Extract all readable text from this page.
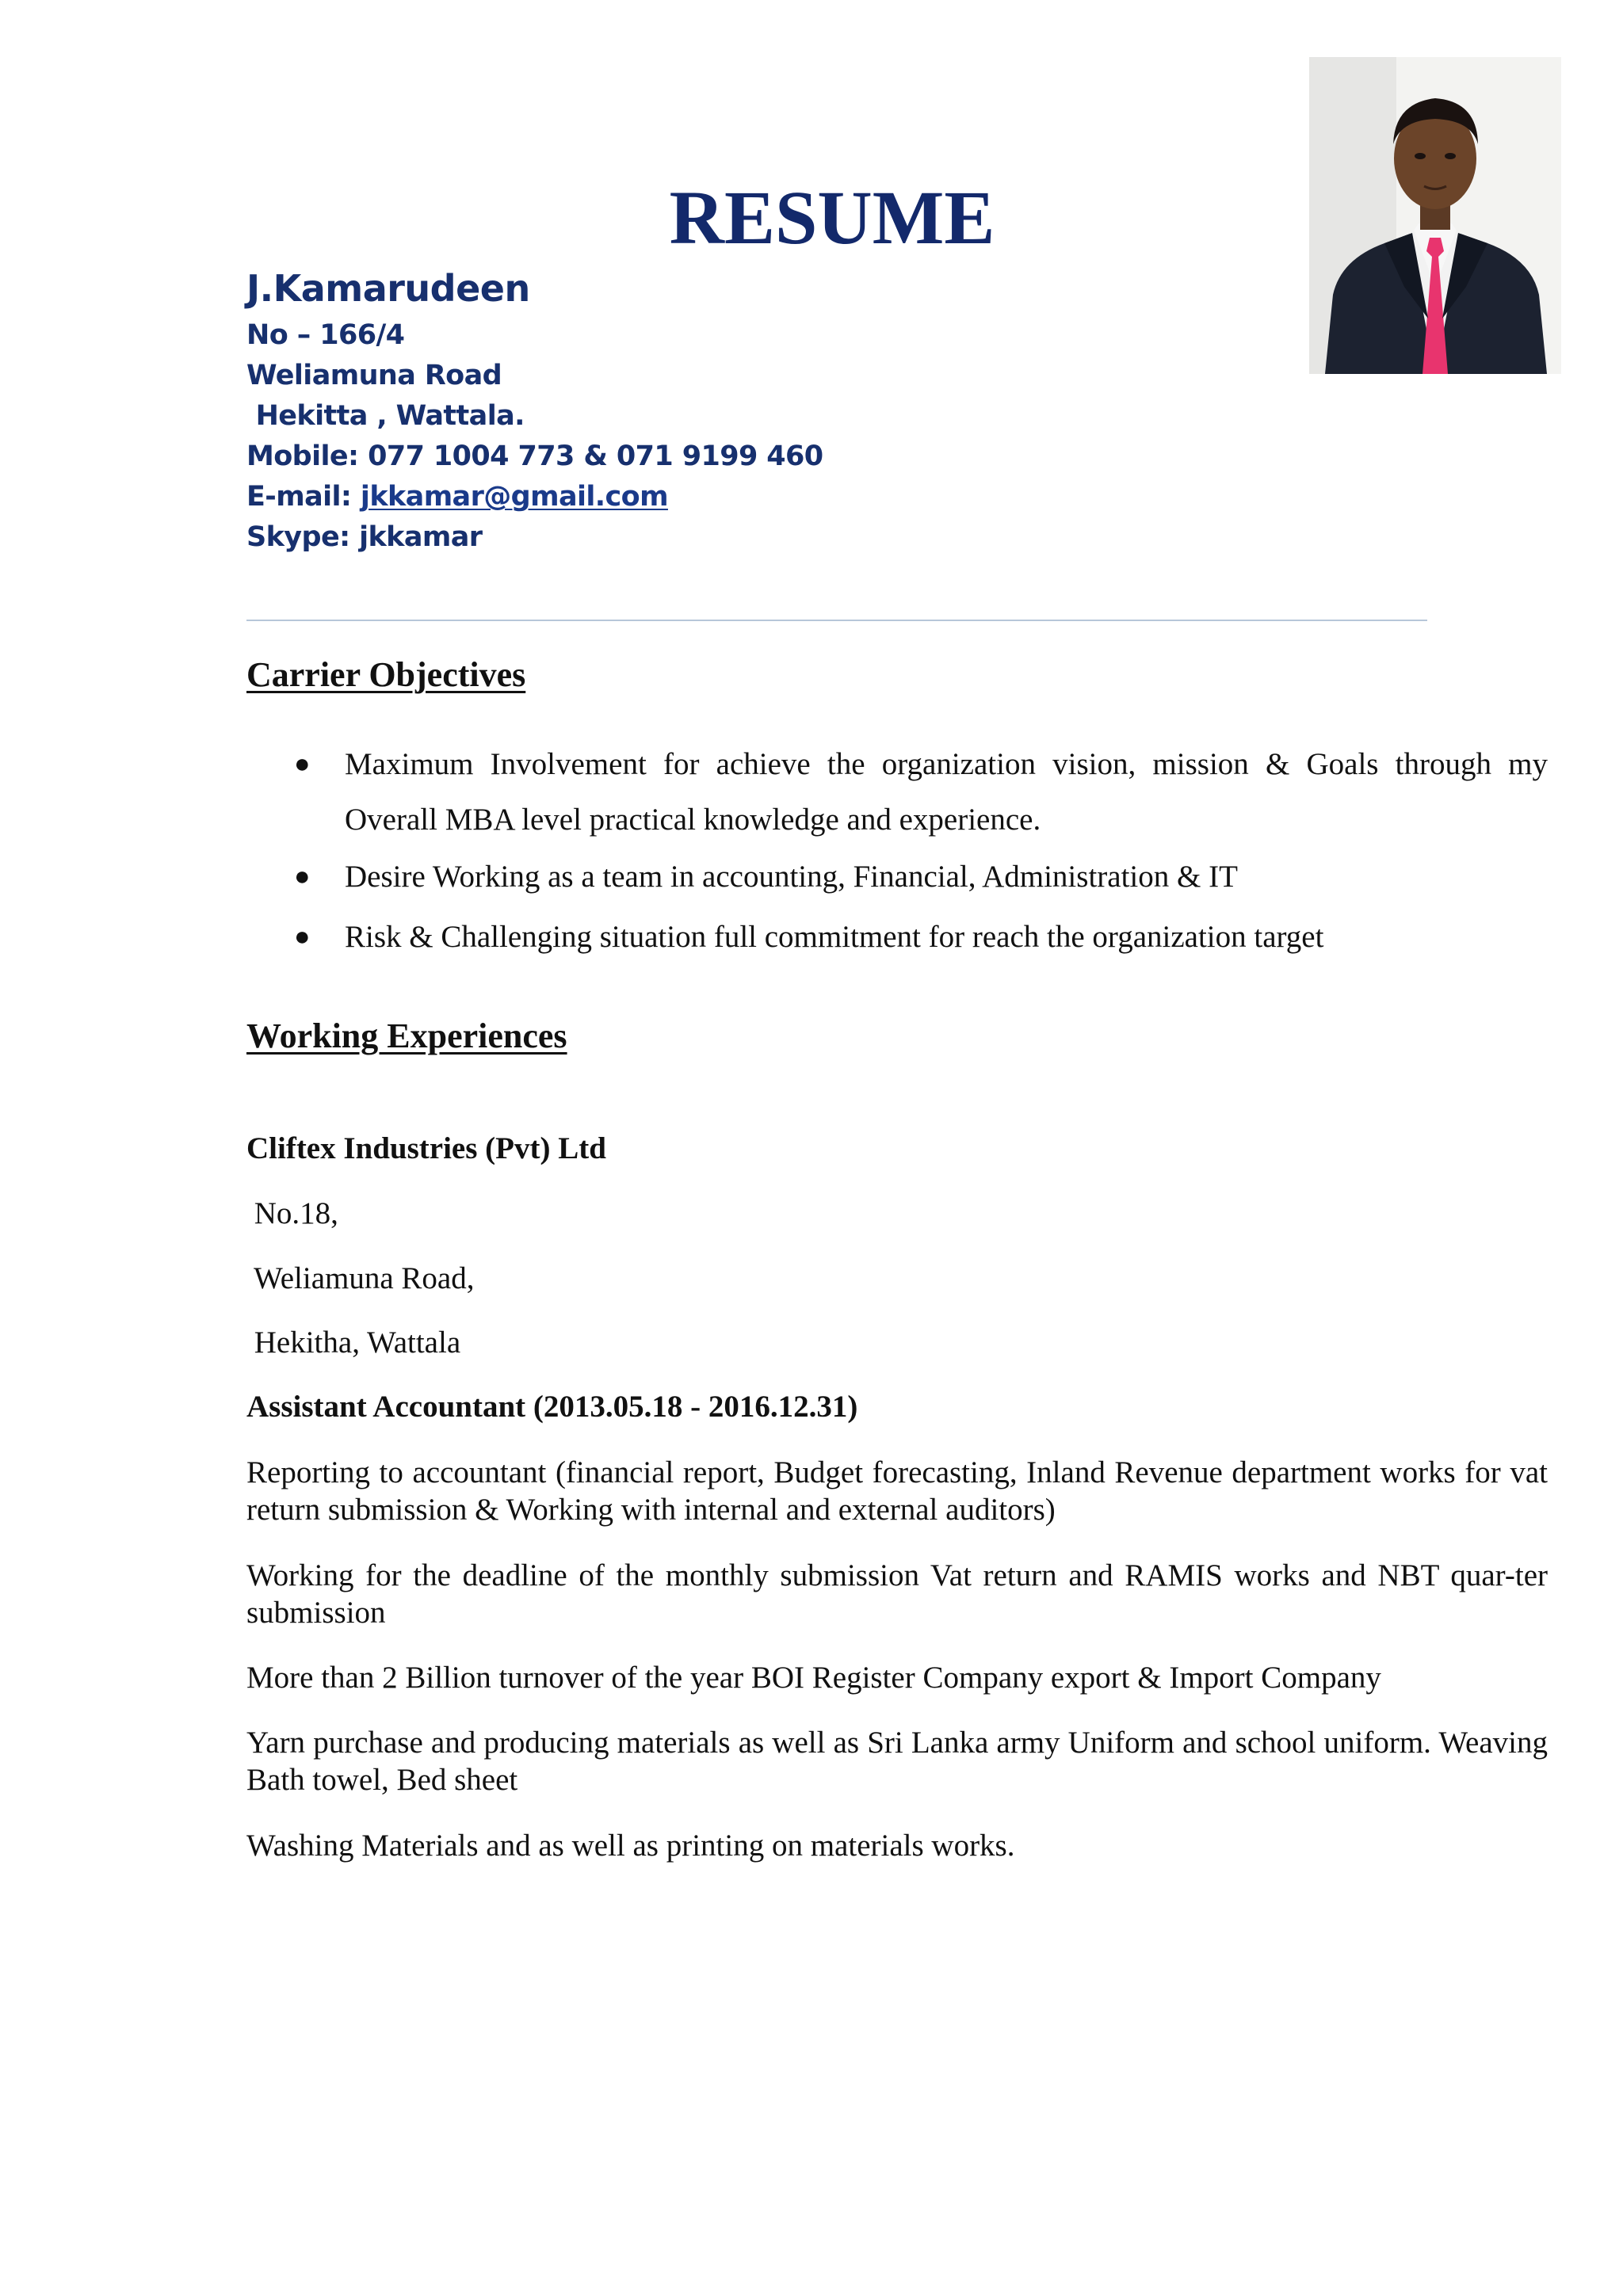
RESUME
J.Kamarudeen
No – 166/4
Weliamuna Road
Hekitta , Wattala.
Mobile: 077 1004 773 & 071 9199 460
E-mail: jkkamar@gmail.com
Skype: jkkamar
Carrier Objectives
● Maximum Involvement for achieve the organization vision, mission & Goals through my Overall MBA level practical knowledge and experience.
● Desire Working as a team in accounting, Financial, Administration & IT
● Risk & Challenging situation full commitment for reach the organization target
Working Experiences
Cliftex Industries (Pvt) Ltd
No.18,
Weliamuna Road,
Hekitha, Wattala
Assistant Accountant (2013.05.18 - 2016.12.31)
Reporting to accountant (financial report, Budget forecasting, Inland Revenue department works for vat return submission & Working with internal and external auditors)
Working for the deadline of the monthly submission Vat return and RAMIS works and NBT quar-ter submission
More than 2 Billion turnover of the year BOI Register Company export & Import Company
Yarn purchase and producing materials as well as Sri Lanka army Uniform and school uniform. Weaving Bath towel, Bed sheet
Washing Materials and as well as printing on materials works.
